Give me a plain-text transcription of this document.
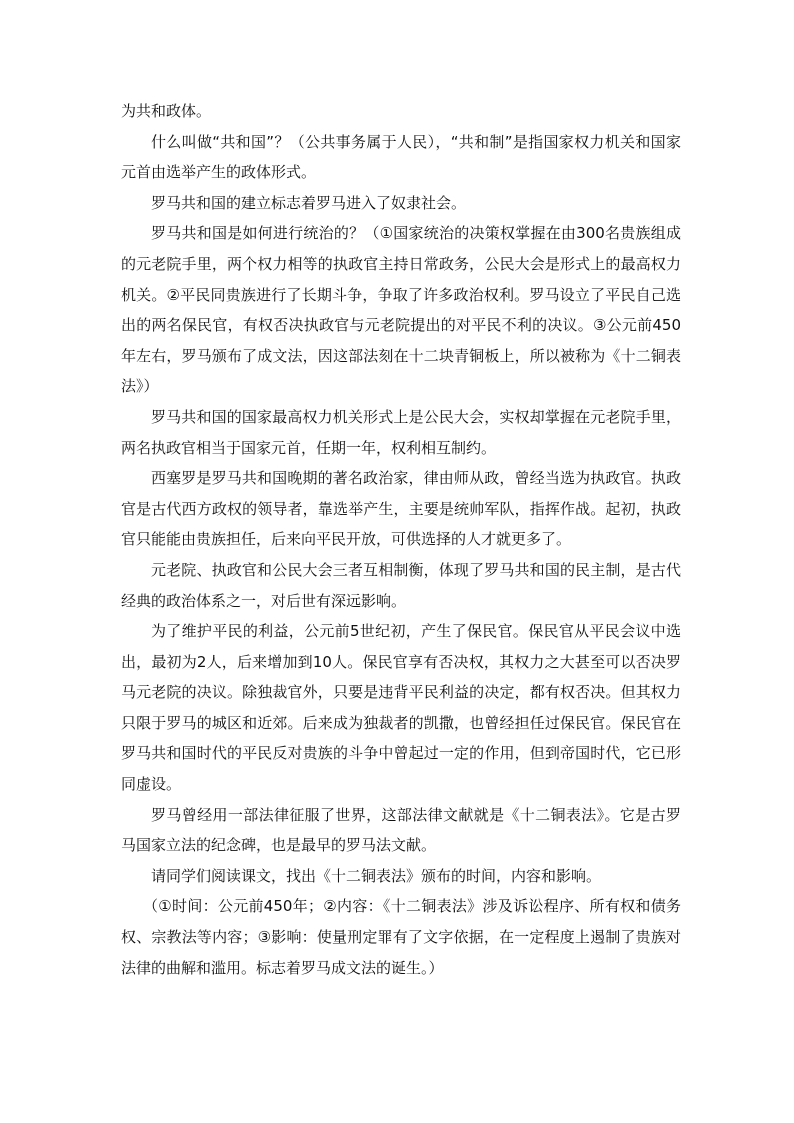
为共和政体。

什么叫做“共和国”？（公共事务属于人民），“共和制”是指国家权力机关和国家元首由选举产生的政体形式。

罗马共和国的建立标志着罗马进入了奴隶社会。

罗马共和国是如何进行统治的？（①国家统治的决策权掌握在由300名贵族组成的元老院手里，两个权力相等的执政官主持日常政务，公民大会是形式上的最高权力机关。②平民同贵族进行了长期斗争，争取了许多政治权利。罗马设立了平民自己选出的两名保民官，有权否决执政官与元老院提出的对平民不利的决议。③公元前450年左右，罗马颁布了成文法，因这部法刻在十二块青铜板上，所以被称为《十二铜表法》）

罗马共和国的国家最高权力机关形式上是公民大会，实权却掌握在元老院手里，两名执政官相当于国家元首，任期一年，权利相互制约。

西塞罗是罗马共和国晚期的著名政治家，律由师从政，曾经当选为执政官。执政官是古代西方政权的领导者，靠选举产生，主要是统帅军队，指挥作战。起初，执政官只能能由贵族担任，后来向平民开放，可供选择的人才就更多了。

元老院、执政官和公民大会三者互相制衡，体现了罗马共和国的民主制，是古代经典的政治体系之一，对后世有深远影响。

为了维护平民的利益，公元前5世纪初，产生了保民官。保民官从平民会议中选出，最初为2人，后来增加到10人。保民官享有否决权，其权力之大甚至可以否决罗马元老院的决议。除独裁官外，只要是违背平民利益的决定，都有权否决。但其权力只限于罗马的城区和近郊。后来成为独裁者的凯撒，也曾经担任过保民官。保民官在罗马共和国时代的平民反对贵族的斗争中曾起过一定的作用，但到帝国时代，它已形同虚设。

罗马曾经用一部法律征服了世界，这部法律文献就是《十二铜表法》。它是古罗马国家立法的纪念碑，也是最早的罗马法文献。

请同学们阅读课文，找出《十二铜表法》颁布的时间，内容和影响。

（①时间：公元前450年；②内容：《十二铜表法》涉及诉讼程序、所有权和债务权、宗教法等内容；③影响：使量刑定罪有了文字依据，在一定程度上遏制了贵族对法律的曲解和滥用。标志着罗马成文法的诞生。）
